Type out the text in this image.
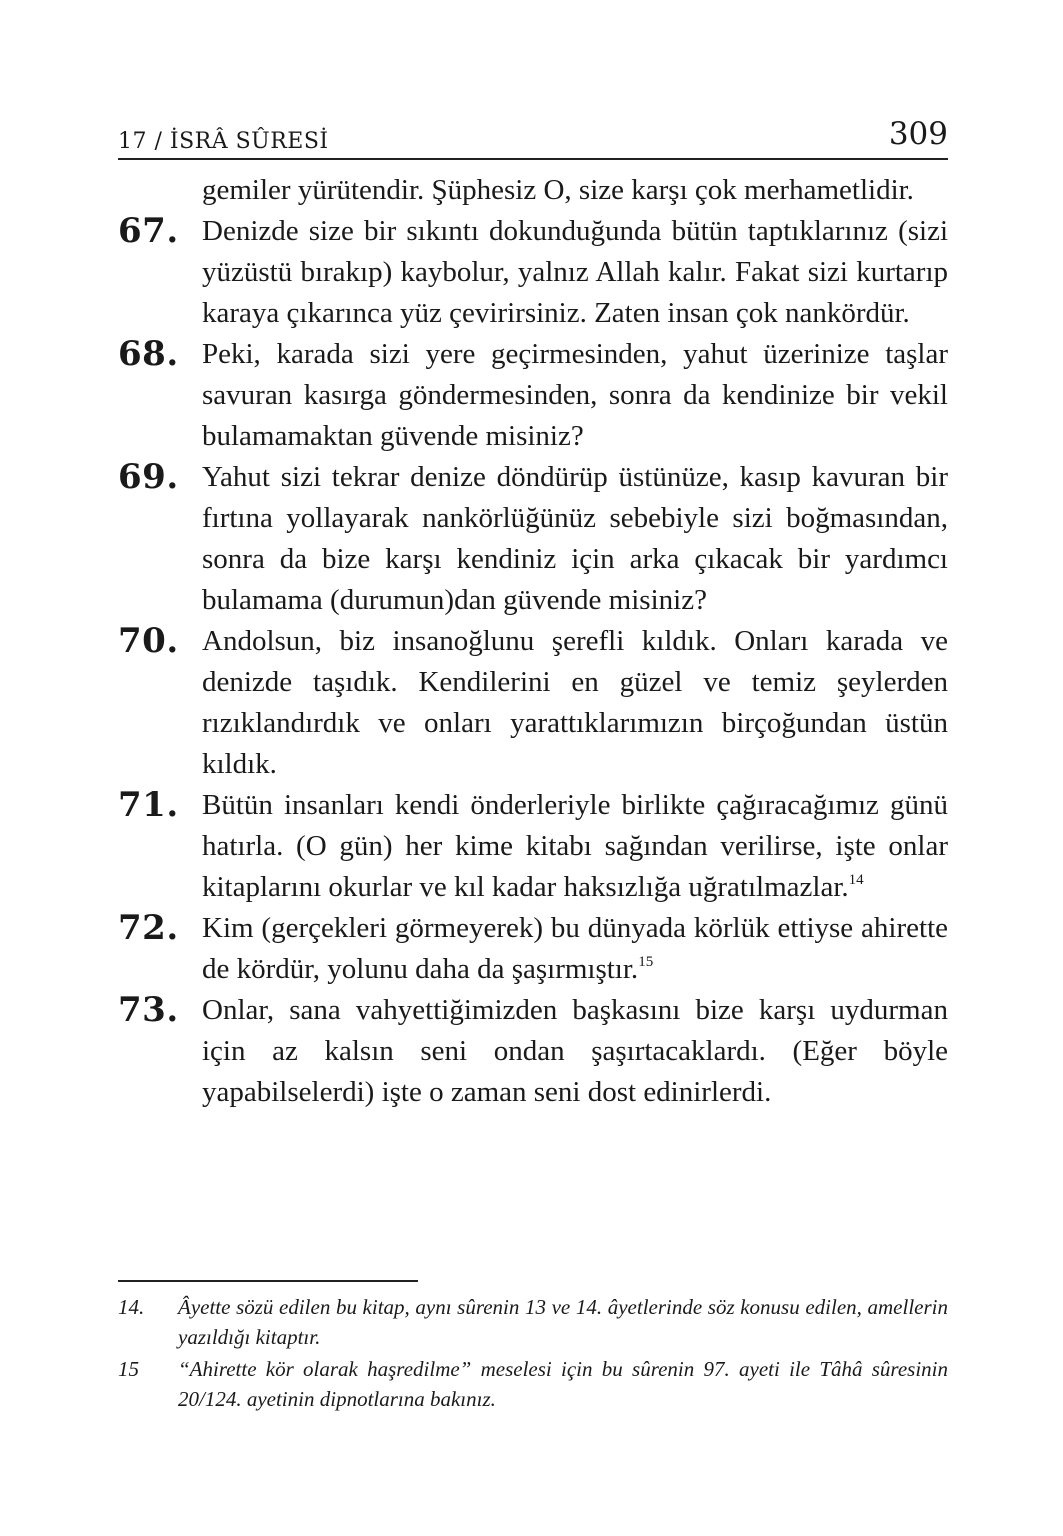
17 / İSRÂ SÛRESİ	309

gemiler yürütendir. Şüphesiz O, size karşı çok merhametlidir.

67. Denizde size bir sıkıntı dokunduğunda bütün taptıklarınız (sizi yüzüstü bırakıp) kaybolur, yalnız Allah kalır. Fakat sizi kurtarıp karaya çıkarınca yüz çevirirsiniz. Zaten insan çok nankördür.

68. Peki, karada sizi yere geçirmesinden, yahut üzerinize taşlar savuran kasırga göndermesinden, sonra da kendinize bir vekil bulamamaktan güvende misiniz?

69. Yahut sizi tekrar denize döndürüp üstünüze, kasıp kavuran bir fırtına yollayarak nankörlüğünüz sebebiyle sizi boğmasından, sonra da bize karşı kendiniz için arka çıkacak bir yardımcı bulamama (durumun)dan güvende misiniz?

70. Andolsun, biz insanoğlunu şerefli kıldık. Onları karada ve denizde taşıdık. Kendilerini en güzel ve temiz şeylerden rızıklandırdık ve onları yarattıklarımızın birçoğundan üstün kıldık.

71. Bütün insanları kendi önderleriyle birlikte çağıracağımız günü hatırla. (O gün) her kime kitabı sağından verilirse, işte onlar kitaplarını okurlar ve kıl kadar haksızlığa uğratılmazlar.$^{14}$

72. Kim (gerçekleri görmeyerek) bu dünyada körlük ettiyse ahirette de kördür, yolunu daha da şaşırmıştır.$^{15}$

73. Onlar, sana vahyettiğimizden başkasını bize karşı uydurman için az kalsın seni ondan şaşırtacaklardı. (Eğer böyle yapabilselerdi) işte o zaman seni dost edinirlerdi.

14.	Âyette sözü edilen bu kitap, aynı sûrenin 13 ve 14. âyetlerinde söz konusu edilen, amellerin yazıldığı kitaptır.

15	“Ahirette kör olarak haşredilme” meselesi için bu sûrenin 97. ayeti ile Tâhâ sûresinin 20/124. ayetinin dipnotlarına bakınız.
